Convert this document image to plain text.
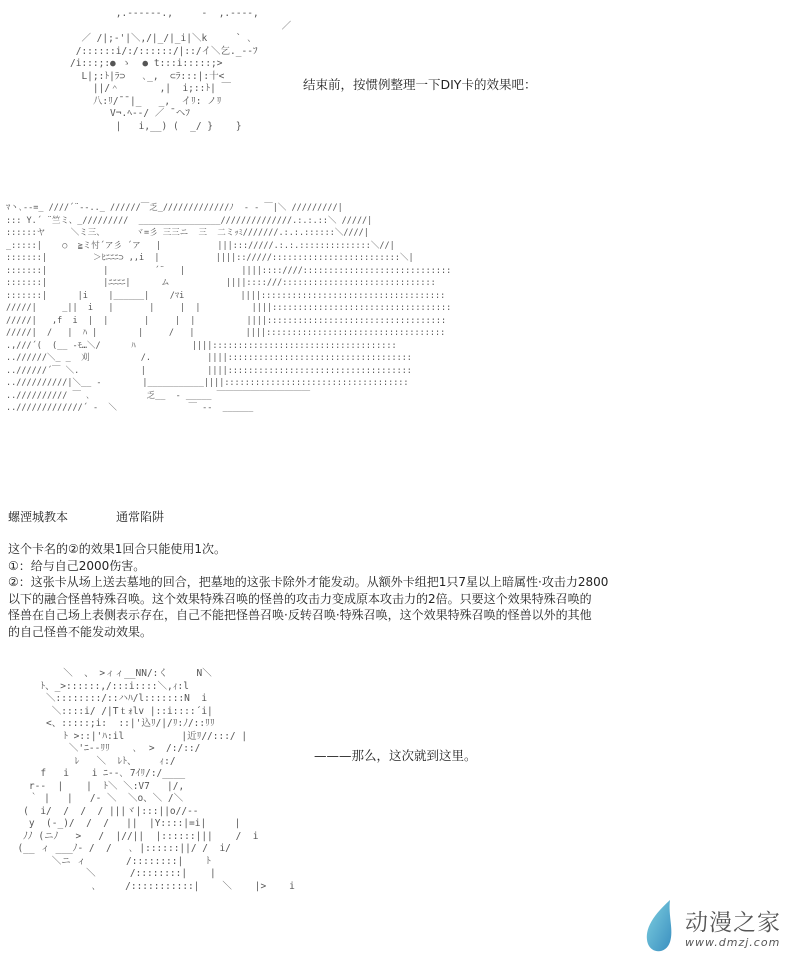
,.-‐‐‐‐-.,     -  ,.--‐‐,
／
／ /|;-'|＼,/|_/|_i|＼k     ` ､
/::::::i/:/::::::/|::/イ＼乞._-‐ﾌ
/i:::;:● ゝ  ● t:::i:::::;>
L|;:ﾄ|ﾗ⊃   ､_,  ⊂ﾗ:::|:十<
||/＾       ,|  i;::ﾄ| ￣
八:ﾘ/¯¯|_   _,  イﾘ: ノﾘ
V¬.ﾍ‐-/ ／ ¯ヘﾌ
|   i,__) (  _/ }    }
结束前，按惯例整理一下DIY卡的效果吧：
ﾏ丶､--=_ ////´¨‐-.._ //////￣乏_/////////////ﾉ  - ‐ ￣|＼ /////////|
::: Y.´ ¨竺ミ、_/////////  ________________//////////////.:.:.::＼ /////|
::::::ヤ     ＼ミ三、      ヾ=彡 三三ニ  三  二ミｯﾐ///////.:.:.::::::＼////|
_:::::|    ○  ≧ミ忖´ア彡 ´ア   |           |||::://///.:.:.::::::::::::::＼//|
:::::::|         ＞ﾋﾆﾆﾆ⊃ ,,i  |           ||||:://///:::::::::::::::::::::::::＼|
:::::::|           |         ´¨   |           ||||::::////:::::::::::::::::::::::::::::
:::::::|           |ﾆﾆﾆﾆ|      ム           ||||::::///::::::::::::::::::::::::::::::
:::::::|      |i    |______|    /ﾏi           ||||::::::::::::::::::::::::::::::::::::
/////|     _||  i   |       |     |  |          ||||:::::::::::::::::::::::::::::::::::
/////|   ,f  i  |  |       |     |  |          ||||:::::::::::::::::::::::::::::::::::
/////|  /   |  ﾊ |        |     /   |          ||||:::::::::::::::::::::::::::::::::::
.,///´(  (__ ‐ﾓ…＼/      ﾊ           ||||::::::::::::::::::::::::::::::::::::
..//////＼_ _  刈          /.           ||||::::::::::::::::::::::::::::::::::::
..//////´￣ ＼.            |            ||||::::::::::::::::::::::::::::::::::::
..//////////|＼__ ‐        |___________||||::::::::::::::::::::::::::::::::::::
..////////// ￣ ､           乏__  ‐ _____ ￣￣￣￣￣￣￣￣￣￣￣
../////////////´ ‐  ＼              ￣ ‐-  ______
螺湮城教本	通常陷阱
这个卡名的②的效果1回合只能使用1次。
①：给与自己2000伤害。
②：这张卡从场上送去墓地的回合，把墓地的这张卡除外才能发动。从额外卡组把1只7星以上暗属性·攻击力2800
以下的融合怪兽特殊召唤。这个效果特殊召唤的怪兽的攻击力变成原本攻击力的2倍。只要这个效果特殊召唤的
怪兽在自己场上表侧表示存在，自己不能把怪兽召唤·反转召唤·特殊召唤，这个效果特殊召唤的怪兽以外的其他
的自己怪兽不能发动效果。
＼  、 >ィィ__NN/:く     N＼
ﾄ、_>::::::,/:::i::::＼,ｨ:l
＼::::::::/::ハﾊ/l:::::::N  i
＼::::i/ /|Tｔｫlv |::i::::´i|
<、:::::;i:  ::|'込ﾘ/|/ﾘ:ﾉ/::ﾘﾘ
ﾄ >::|'ﾊ:il          |近ﾘ//:::/ |
＼'ﾆ‐-ﾘﾘ    ､  >  /:/::/
ﾚ   ＼  ﾚﾄ、    ｨ:/
f   i    i ﾆ‐-､ 7ｲﾘ/:/____
r-‐  |    |  ﾄ＼ ＼:V7   |/,
｀ |   |   /‐ ＼  ＼o、＼ /＼
(  i/  /  /  / |||ヾ|:::||o//‐-
y  (‐_)/  /  /   ||  |Y::::|=i|     |
ﾉﾉ (ニﾉ   >   /  |//||  |::::::|||    /  i
(__ ィ ___ﾉ‐ /  /   ､ |::::::||/ /  i/
＼ニ ィ       /::::::::|    ﾄ
＼      /::::::::|    |
､     /:::::::::::|    ＼    |>    i
———那么，这次就到这里。
动漫之家
www.dmzj.com
